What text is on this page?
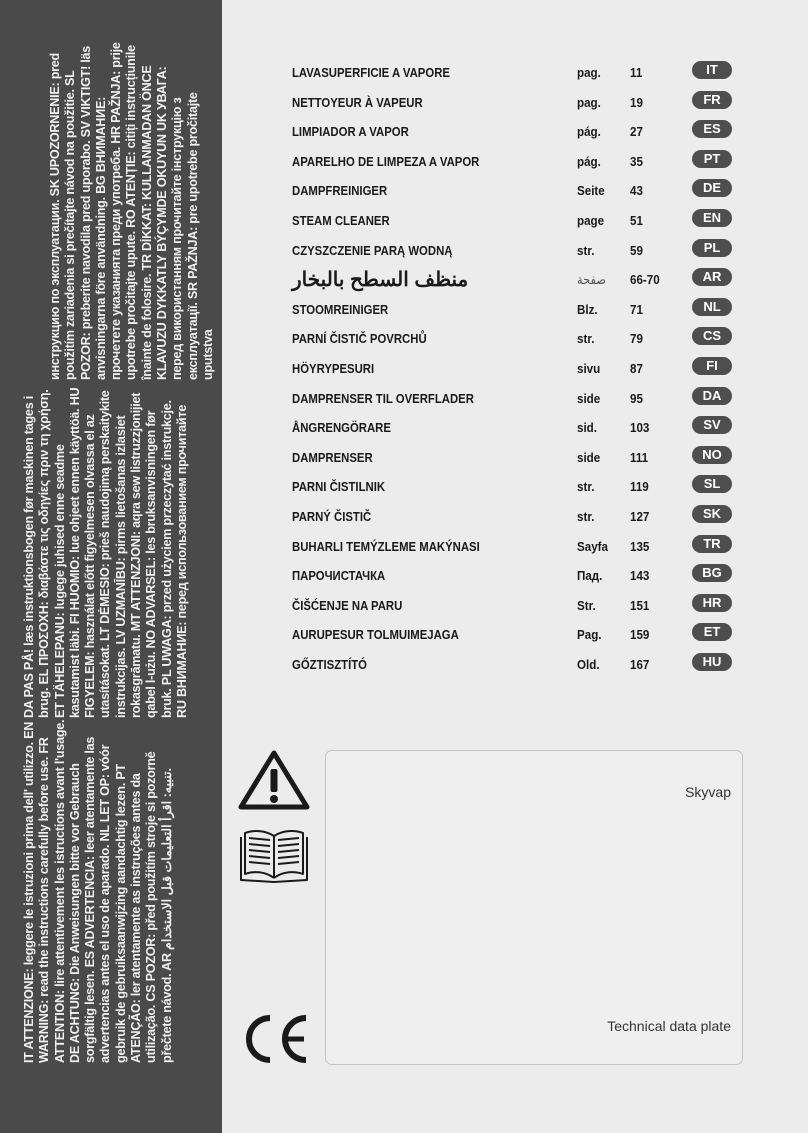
IT ATTENZIONE: leggere le istruzioni prima dell' utilizzo. EN WARNING: read the instructions carefully before use. FR ATTENTION: lire attentivement les istructions avant l'usage. DE ACHTUNG: Die Anweisungen bitte vor Gebrauch sorgfältig lesen. ES ADVERTENCIA: leer atentamente las advertencias antes el uso de aparado. NL LET OP: vóór gebruik de gebruiksaanwijzing aandachtig lezen. PT ATENÇÃO: ler atentamente as instruções antes da utilização. CS POZOR: před použitím stroje si pozorně přečtete návod. AR تنبيه: اقرأ التعليمات قبل الاستخدام.
DA PAS PÅ! læs instruktionsbogen før maskinen tages i brug. EL ΠΡΟΣΟΧΗ: διαβάστε τις οδηγίες πριν τη χρήση. ET TÄHELEPANU: lugege juhised enne seadme kasutamist läbi. FI HUOMIO: lue ohjeet ennen käyttöä. HU FIGYELEM: használat előtt figyelmesen olvassa el az utasításokat. LT DĖMESIO: prieš naudojimą perskaitykite instrukcijas. LV UZMANĪBU: pirms lietošanas izlasiet rokasgrāmatu. MT ATTENZJONI: aqra sew listruzzjonijiet qabel l-użu. NO ADVARSEL: les bruksanvisningen før bruk. PL UWAGA: przed użyciem przeczytać instrukcje. RU ВНИМАНИЕ: перед использованием прочитайте
инструкцию по эксплуатации. SK UPOZORNENIE: pred použitím zariadenia si prečítajte návod na použitie. SL POZOR: preberite navodila pred uporabo. SV VIKTIGT! läs anvisningarna före användning. BG ВНИМАНИЕ: прочетете указанията преди употреба. HR PAŽNJA: prije upotrebe pročitajte upute. RO ATENȚIE: citiți instrucțiunile înainte de folosire. TR DİKKAT: KULLANMADAN ÖNCE KLAVUZU DYKKATLY BÝÇYMDE OKUYUN UK УВАГА: перед використанням прочитайте інструкцію з експлуатації. SR PAŽNJA: pre upotrebe pročitajte uputstva
LAVASUPERFICIE A VAPORE	pag. 11	IT
NETTOYEUR À VAPEUR	pag. 19	FR
LIMPIADOR A VAPOR	pág. 27	ES
APARELHO DE LIMPEZA A VAPOR	pág. 35	PT
DAMPFREINIGER	Seite 43	DE
STEAM CLEANER	page 51	EN
CZYSZCZENIE PARĄ WODNĄ	str.	59	PL
منظف السطح بالبخار	صفحة 66-70	AR
STOOMREINIGER	Blz. 71	NL
PARNÍ ČISTIČ POVRCHŮ	str.	79	CS
HÖYRYPESURI	sivu 87	FI
DAMPRENSER TIL OVERFLADER	side 95	DA
ÅNGRENGÖRARE	sid.	103	SV
DAMPRENSER	side 111	NO
PARNI ČISTILNIK	str.	119	SL
PARNÝ ČISTIČ	str.	127	SK
BUHARLI TEMÝZLEME MAKÝNASI	Sayfa 135	TR
ПАРОЧИСТАЧКА	Пад. 143	BG
ČIŠĆENJE NA PARU	Str.	151	HR
AURUPESUR TOLMUIMEJAGA	Pag. 159	ET
GŐZTISZTÍTÓ	Old. 167	HU
Skyvap
Technical data plate
